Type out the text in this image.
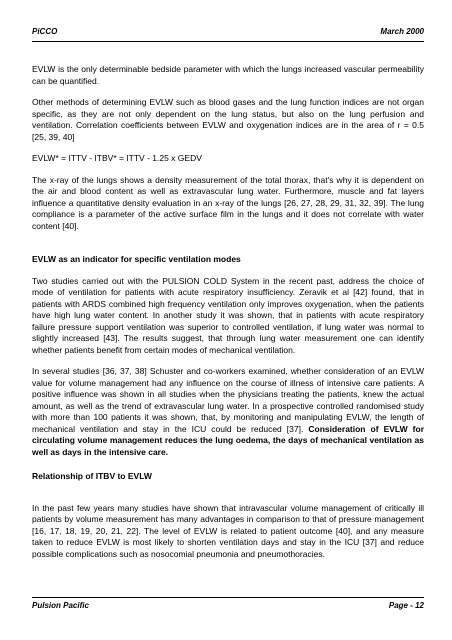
PiCCO	March 2000

EVLW is the only determinable bedside parameter with which the lungs increased vascular permeability can be quantified.

Other methods of determining EVLW such as blood gases and the lung function indices are not organ specific, as they are not only dependent on the lung status, but also on the lung perfusion and ventilation. Correlation coefficients between EVLW and oxygenation indices are in the area of r = 0.5 [25, 39, 40]

EVLW* = ITTV - ITBV* = ITTV - 1.25 x GEDV

The x-ray of the lungs shows a density measurement of the total thorax, that's why it is dependent on the air and blood content as well as extravascular lung water. Furthermore, muscle and fat layers influence a quantitative density evaluation in an x-ray of the lungs [26, 27, 28, 29, 31, 32, 39]. The lung compliance is a parameter of the active surface film in the lungs and it does not correlate with water content [40].

EVLW as an indicator for specific ventilation modes

Two studies carried out with the PULSION COLD System in the recent past, address the choice of mode of ventilation for patients with acute respiratory insufficiency. Zeravik et al [42] found, that in patients with ARDS combined high frequency ventilation only improves oxygenation, when the patients have high lung water content. In another study it was shown, that in patients with acute respiratory failure pressure support ventilation was superior to controlled ventilation, if lung water was normal to slightly increased [43]. The results suggest, that through lung water measurement one can identify whether patients benefit from certain modes of mechanical ventilation.

In several studies [36, 37, 38] Schuster and co-workers examined, whether consideration of an EVLW value for volume management had any influence on the course of illness of intensive care patients. A positive influence was shown in all studies when the physicians treating the patients, knew the actual amount, as well as the trend of extravascular lung water. In a prospective controlled randomised study with more than 100 patients it was shown, that, by monitoring and manipulating EVLW, the length of mechanical ventilation and stay in the ICU could be reduced [37]. Consideration of EVLW for circulating volume management reduces the lung oedema, the days of mechanical ventilation as well as days in the intensive care.

Relationship of ITBV to EVLW

In the past few years many studies have shown that intravascular volume management of critically ill patients by volume measurement has many advantages in comparison to that of pressure management [16, 17, 18, 19, 20, 21, 22]. The level of EVLW is related to patient outcome [40], and any measure taken to reduce EVLW is most likely to shorten ventilation days and stay in the ICU [37] and reduce possible complications such as nosocomial pneumonia and pneumothoracies.

Pulsion Pacific	Page - 12
